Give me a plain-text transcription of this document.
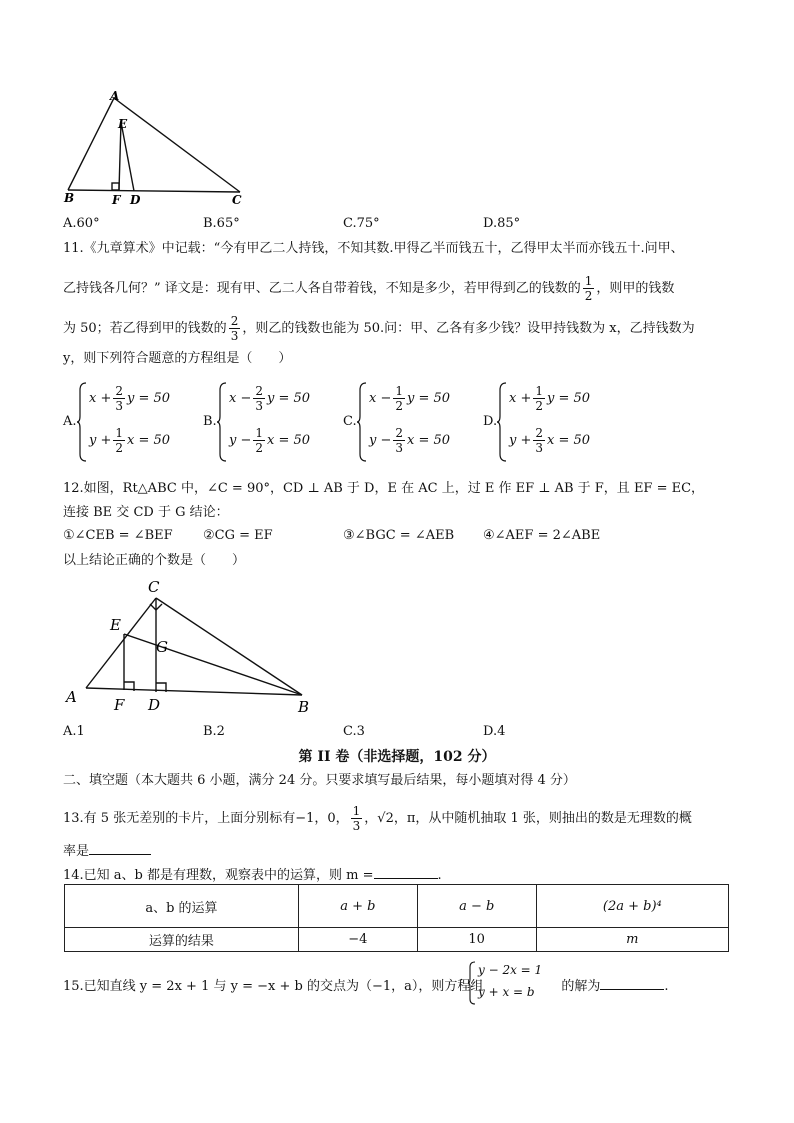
A
E
B	F D	C
A.60°	B.65°	C.75°	D.85°
11.《九章算术》中记载：“今有甲乙二人持钱，不知其数.甲得乙半而钱五十，乙得甲太半而亦钱五十.问甲、
乙持钱各几何？” 译文是：现有甲、乙二人各自带着钱，不知是多少，若甲得到乙的钱数的 $\frac{1}{2}$ ，则甲的钱数
为 50；若乙得到甲的钱数的 $\frac{2}{3}$ ，则乙的钱数也能为 50.问：甲、乙各有多少钱？设甲持钱数为 x，乙持钱数为
y，则下列符合题意的方程组是（　　）
A.
$x + \frac{2}{3}$ y = 50
$y + \frac{1}{2}$ x = 50
B.
$x - \frac{2}{3}$ y = 50
$y - \frac{1}{2}$ x = 50
C.
$x - \frac{1}{2}$ y = 50
$y - \frac{2}{3}$ x = 50
D.
$x + \frac{1}{2}$ y = 50
$y + \frac{2}{3}$ x = 50
12.如图，Rt△ABC 中，∠C = 90°，CD ⊥ AB 于 D，E 在 AC 上，过 E 作 EF ⊥ AB 于 F，且 EF = EC，
连接 BE 交 CD 于 G 结论：
①∠CEB = ∠BEF ②CG = EF	③∠BGC = ∠AEB ④∠AEF = 2∠ABE
以上结论正确的个数是（　　）
C
E
G
A F D	B
A.1	B.2	C.3	D.4
第 II 卷（非选择题，102 分）
二、填空题（本大题共 6 小题，满分 24 分。只要求填写最后结果，每小题填对得 4 分）
13.有 5 张无差别的卡片，上面分别标有−1，0， $\frac{1}{3}$ ，√2，π，从中随机抽取 1 张，则抽出的数是无理数的概
率是
14.已知 a、b 都是有理数，观察表中的运算，则 m =	.
a、b 的运算	a + b	a − b	(2a + b)⁴
运算的结果	−4	10	m
15.已知直线 y = 2x + 1 与 y = −x + b 的交点为（−1，a），则方程组	的解为	.
y − 2x = 1
y + x = b
